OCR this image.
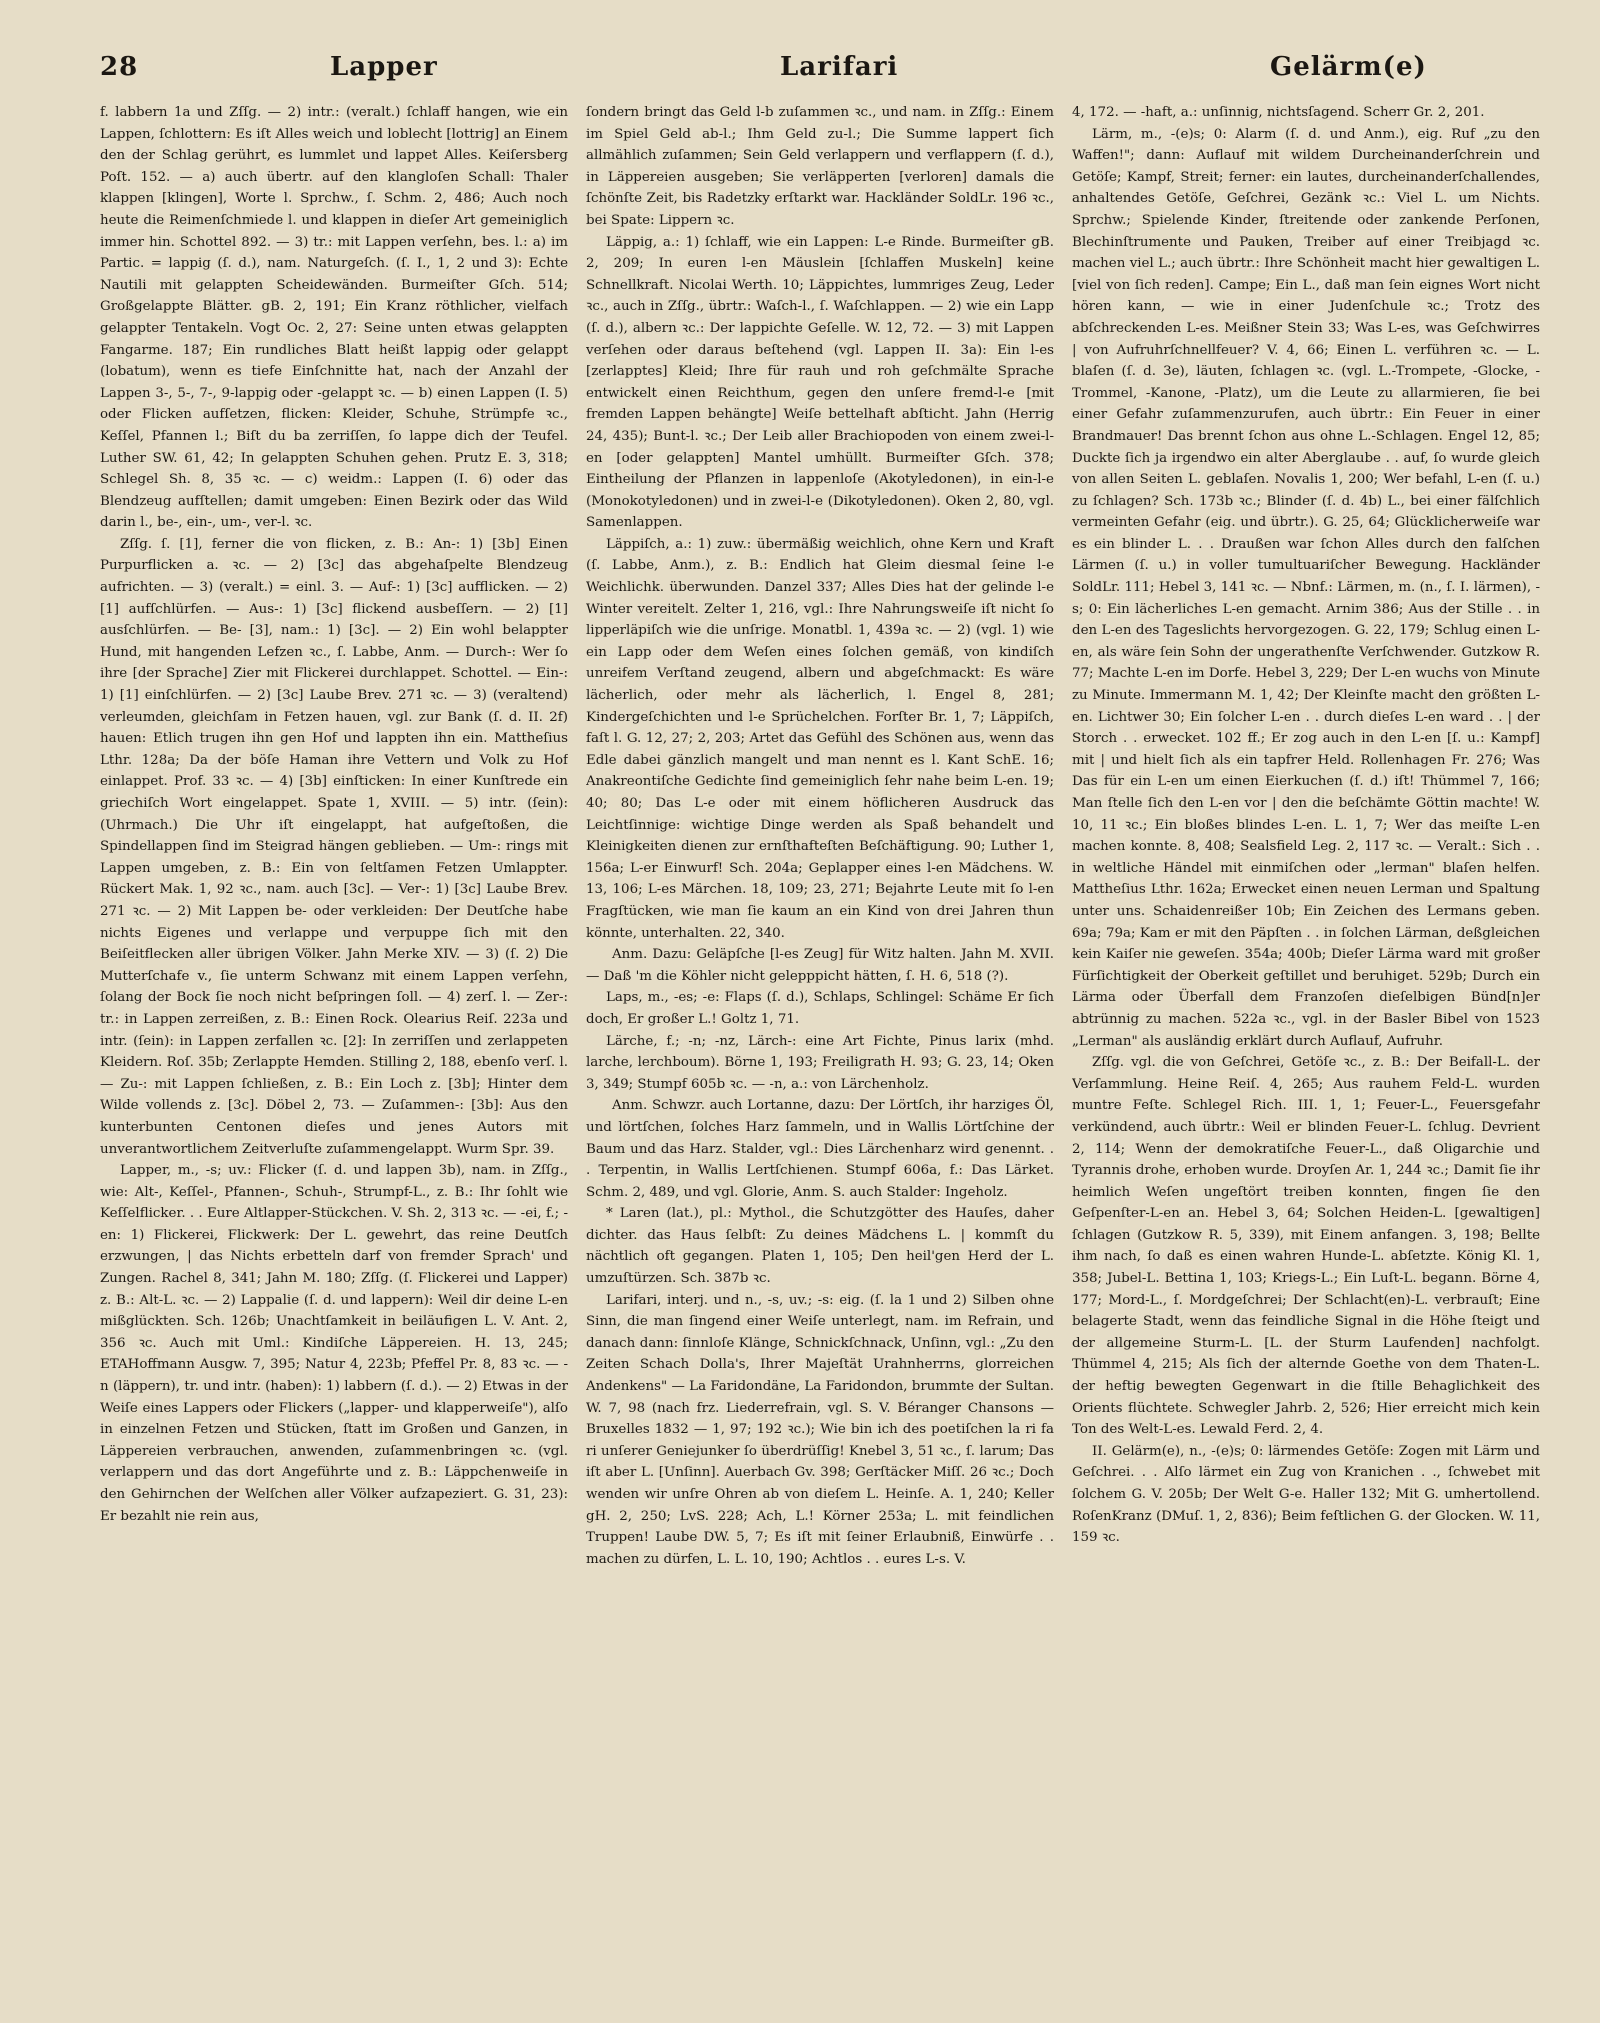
28	Lapper	Larifari	Gelärm(e)

f. labbern 1a und Zſſg. — 2) intr.: (veralt.) ſchlaff hangen, wie ein Lappen, ſchlottern: Es iſt Alles weich und loblecht [lottrig] an Einem den der Schlag gerührt, es lummlet und lappet Alles. Keiſersberg Poſt. 152. — a) auch übertr. auf den klangloſen Schall: Thaler klappen [klingen], Worte l. Sprchw., ſ. Schm. 2, 486; Auch noch heute die Reimenſchmiede l. und klappen in dieſer Art gemeiniglich immer hin. Schottel 892. — 3) tr.: mit Lappen verſehn, bes. l.: a) im Partic. = lappig (ſ. d.), nam. Naturgeſch. (ſ. I., 1, 2 und 3): Echte Nautili mit gelappten Scheidewänden. Burmeiſter Gſch. 514; Großgelappte Blätter. gB. 2, 191; Ein Kranz röthlicher, vielfach gelappter Tentakeln. Vogt Oc. 2, 27: Seine unten etwas gelappten Fangarme. 187; Ein rundliches Blatt heißt lappig oder gelappt (lobatum), wenn es tiefe Einſchnitte hat, nach der Anzahl der Lappen 3-, 5-, 7-, 9-lappig oder -gelappt ꝛc. — b) einen Lappen (I. 5) oder Flicken aufſetzen, flicken: Kleider, Schuhe, Strümpfe ꝛc., Keſſel, Pfannen l.; Biſt du ba zerriſſen, ſo lappe dich der Teufel. Luther SW. 61, 42; In gelappten Schuhen gehen. Prutz E. 3, 318; Schlegel Sh. 8, 35 ꝛc. — c) weidm.: Lappen (I. 6) oder das Blendzeug aufſtellen; damit umgeben: Einen Bezirk oder das Wild darin l., be-, ein-, um-, ver-l. ꝛc.

Zſſg. ſ. [1], ferner die von flicken, z. B.: An-: 1) [3b] Einen Purpurflicken a. ꝛc. — 2) [3c] das abgehaſpelte Blendzeug aufrichten. — 3) (veralt.) = einl. 3. — Auf-: 1) [3c] aufflicken. — 2) [1] aufſchlürfen. — Aus-: 1) [3c] flickend ausbeſſern. — 2) [1] ausſchlürfen. — Be- [3], nam.: 1) [3c]. — 2) Ein wohl belappter Hund, mit hangenden Lefzen ꝛc., ſ. Labbe, Anm. — Durch-: Wer ſo ihre [der Sprache] Zier mit Flickerei durchlappet. Schottel. — Ein-: 1) [1] einſchlürfen. — 2) [3c] Laube Brev. 271 ꝛc. — 3) (veraltend) verleumden, gleichſam in Fetzen hauen, vgl. zur Bank (ſ. d. II. 2f) hauen: Etlich trugen ihn gen Hof und lappten ihn ein. Mattheſius Lthr. 128a; Da der böſe Haman ihre Vettern und Volk zu Hof einlappet. Prof. 33 ꝛc. — 4) [3b] einſticken: In einer Kunſtrede ein griechiſch Wort eingelappet. Spate 1, XVIII. — 5) intr. (ſein): (Uhrmach.) Die Uhr iſt eingelappt, hat aufgeſtoßen, die Spindellappen ſind im Steigrad hängen geblieben. — Um-: rings mit Lappen umgeben, z. B.: Ein von ſeltſamen Fetzen Umlappter. Rückert Mak. 1, 92 ꝛc., nam. auch [3c]. — Ver-: 1) [3c] Laube Brev. 271 ꝛc. — 2) Mit Lappen be- oder verkleiden: Der Deutſche habe nichts Eigenes und verlappe und verpuppe ſich mit den Beiſeitflecken aller übrigen Völker. Jahn Merke XIV. — 3) (ſ. 2) Die Mutterſchafe v., ſie unterm Schwanz mit einem Lappen verſehn, ſolang der Bock ſie noch nicht beſpringen ſoll. — 4) zerſ. l. — Zer-: tr.: in Lappen zerreißen, z. B.: Einen Rock. Olearius Reiſ. 223a und intr. (ſein): in Lappen zerfallen ꝛc. [2]: In zerriſſen und zerlappeten Kleidern. Roſ. 35b; Zerlappte Hemden. Stilling 2, 188, ebenſo verſ. l. — Zu-: mit Lappen ſchließen, z. B.: Ein Loch z. [3b]; Hinter dem Wilde vollends z. [3c]. Döbel 2, 73. — Zuſammen-: [3b]: Aus den kunterbunten Centonen dieſes und jenes Autors mit unverantwortlichem Zeitverluſte zuſammengelappt. Wurm Spr. 39.

Lapper, m., -s; uv.: Flicker (ſ. d. und lappen 3b), nam. in Zſſg., wie: Alt-, Keſſel-, Pfannen-, Schuh-, Strumpf-L., z. B.: Ihr ſohlt wie Keſſelflicker. . . Eure Altlapper-Stückchen. V. Sh. 2, 313 ꝛc. — -ei, f.; -en: 1) Flickerei, Flickwerk: Der L. gewehrt, das reine Deutſch erzwungen, | das Nichts erbetteln darf von fremder Sprach' und Zungen. Rachel 8, 341; Jahn M. 180; Zſſg. (ſ. Flickerei und Lapper) z. B.: Alt-L. ꝛc. — 2) Lappalie (ſ. d. und lappern): Weil dir deine L-en mißglückten. Sch. 126b; Unachtſamkeit in beiläufigen L. V. Ant. 2, 356 ꝛc. Auch mit Uml.: Kindiſche Läppereien. H. 13, 245; ETAHoffmann Ausgw. 7, 395; Natur 4, 223b; Pfeffel Pr. 8, 83 ꝛc. — -n (läppern), tr. und intr. (haben): 1) labbern (ſ. d.). — 2) Etwas in der Weiſe eines Lappers oder Flickers („lapper- und klapperweiſe"), alſo in einzelnen Fetzen und Stücken, ſtatt im Großen und Ganzen, in Läppereien verbrauchen, anwenden, zuſammenbringen ꝛc. (vgl. verlappern und das dort Angeführte und z. B.: Läppchenweiſe in den Gehirnchen der Welſchen aller Völker aufzapeziert. G. 31, 23): Er bezahlt nie rein aus,

ſondern bringt das Geld l-b zuſammen ꝛc., und nam. in Zſſg.: Einem im Spiel Geld ab-l.; Ihm Geld zu-l.; Die Summe lappert ſich allmählich zuſammen; Sein Geld verlappern und verflappern (ſ. d.), in Läppereien ausgeben; Sie verläpperten [verloren] damals die ſchönſte Zeit, bis Radetzky erſtarkt war. Hackländer SoldLr. 196 ꝛc., bei Spate: Lippern ꝛc.

Läppig, a.: 1) ſchlaff, wie ein Lappen: L-e Rinde. Burmeiſter gB. 2, 209; In euren l-en Mäuslein [ſchlaffen Muskeln] keine Schnellkraft. Nicolai Werth. 10; Läppichtes, lummriges Zeug, Leder ꝛc., auch in Zſſg., übrtr.: Waſch-l., ſ. Waſchlappen. — 2) wie ein Lapp (ſ. d.), albern ꝛc.: Der lappichte Geſelle. W. 12, 72. — 3) mit Lappen verſehen oder daraus beſtehend (vgl. Lappen II. 3a): Ein l-es [zerlapptes] Kleid; Ihre für rauh und roh geſchmälte Sprache entwickelt einen Reichthum, gegen den unſere fremd-l-e [mit fremden Lappen behängte] Weiſe bettelhaft abſticht. Jahn (Herrig 24, 435); Bunt-l. ꝛc.; Der Leib aller Brachiopoden von einem zwei-l-en [oder gelappten] Mantel umhüllt. Burmeiſter Gſch. 378; Eintheilung der Pflanzen in lappenloſe (Akotyledonen), in ein-l-e (Monokotyledonen) und in zwei-l-e (Dikotyledonen). Oken 2, 80, vgl. Samenlappen.

Läppiſch, a.: 1) zuw.: übermäßig weichlich, ohne Kern und Kraft (ſ. Labbe, Anm.), z. B.: Endlich hat Gleim diesmal ſeine l-e Weichlichk. überwunden. Danzel 337; Alles Dies hat der gelinde l-e Winter vereitelt. Zelter 1, 216, vgl.: Ihre Nahrungsweiſe iſt nicht ſo lipperläpiſch wie die unſrige. Monatbl. 1, 439a ꝛc. — 2) (vgl. 1) wie ein Lapp oder dem Weſen eines ſolchen gemäß, von kindiſch unreifem Verſtand zeugend, albern und abgeſchmackt: Es wäre lächerlich, oder mehr als lächerlich, l. Engel 8, 281; Kindergeſchichten und l-e Sprüchelchen. Forſter Br. 1, 7; Läppiſch, faſt l. G. 12, 27; 2, 203; Artet das Gefühl des Schönen aus, wenn das Edle dabei gänzlich mangelt und man nennt es l. Kant SchE. 16; Anakreontiſche Gedichte ſind gemeiniglich ſehr nahe beim L-en. 19; 40; 80; Das L-e oder mit einem höflicheren Ausdruck das Leichtſinnige: wichtige Dinge werden als Spaß behandelt und Kleinigkeiten dienen zur ernſthafteſten Beſchäftigung. 90; Luther 1, 156a; L-er Einwurf! Sch. 204a; Geplapper eines l-en Mädchens. W. 13, 106; L-es Märchen. 18, 109; 23, 271; Bejahrte Leute mit ſo l-en Fragſtücken, wie man ſie kaum an ein Kind von drei Jahren thun könnte, unterhalten. 22, 340.

Anm. Dazu: Geläpſche [l-es Zeug] für Witz halten. Jahn M. XVII. — Daß 'm die Köhler nicht gelepppicht hätten, ſ. H. 6, 518 (?).

Laps, m., -es; -e: Flaps (ſ. d.), Schlaps, Schlingel: Schäme Er ſich doch, Er großer L.! Goltz 1, 71.

Lärche, f.; -n; -nz, Lärch-: eine Art Fichte, Pinus larix (mhd. larche, lerchboum). Börne 1, 193; Freiligrath H. 93; G. 23, 14; Oken 3, 349; Stumpf 605b ꝛc. — -n, a.: von Lärchenholz.

Anm. Schwzr. auch Lortanne, dazu: Der Lörtſch, ihr harziges Öl, und lörtſchen, ſolches Harz ſammeln, und in Wallis Lörtſchine der Baum und das Harz. Stalder, vgl.: Dies Lärchenharz wird genennt. . . Terpentin, in Wallis Lertſchienen. Stumpf 606a, f.: Das Lärket. Schm. 2, 489, und vgl. Glorie, Anm. S. auch Stalder: Ingeholz.

* Laren (lat.), pl.: Mythol., die Schutzgötter des Hauſes, daher dichter. das Haus ſelbſt: Zu deines Mädchens L. | kommſt du nächtlich oft gegangen. Platen 1, 105; Den heil'gen Herd der L. umzuſtürzen. Sch. 387b ꝛc.

Larifari, interj. und n., -s, uv.; -s: eig. (ſ. la 1 und 2) Silben ohne Sinn, die man ſingend einer Weiſe unterlegt, nam. im Refrain, und danach dann: ſinnloſe Klänge, Schnickſchnack, Unſinn, vgl.: „Zu den Zeiten Schach Dolla's, Ihrer Majeſtät Urahnherrns, glorreichen Andenkens" — La Faridondäne, La Faridondon, brummte der Sultan. W. 7, 98 (nach frz. Liederrefrain, vgl. S. V. Béranger Chansons — Bruxelles 1832 — 1, 97; 192 ꝛc.); Wie bin ich des poetiſchen la ri fa ri unſerer Geniejunker ſo überdrüſſig! Knebel 3, 51 ꝛc., ſ. larum; Das iſt aber L. [Unſinn]. Auerbach Gv. 398; Gerſtäcker Miſſ. 26 ꝛc.; Doch wenden wir unſre Ohren ab von dieſem L. Heinſe. A. 1, 240; Keller gH. 2, 250; LvS. 228; Ach, L.! Körner 253a; L. mit feindlichen Truppen! Laube DW. 5, 7; Es iſt mit ſeiner Erlaubniß, Einwürfe . . machen zu dürfen, L. L. 10, 190; Achtlos . . eures L-s. V.

4, 172. — -haft, a.: unſinnig, nichtsſagend. Scherr Gr. 2, 201.

Lärm, m., -(e)s; 0: Alarm (ſ. d. und Anm.), eig. Ruf „zu den Waffen!"; dann: Auflauf mit wildem Durcheinanderſchrein und Getöſe; Kampf, Streit; ferner: ein lautes, durcheinanderſchallendes, anhaltendes Getöſe, Geſchrei, Gezänk ꝛc.: Viel L. um Nichts. Sprchw.; Spielende Kinder, ſtreitende oder zankende Perſonen, Blechinſtrumente und Pauken, Treiber auf einer Treibjagd ꝛc. machen viel L.; auch übrtr.: Ihre Schönheit macht hier gewaltigen L. [viel von ſich reden]. Campe; Ein L., daß man ſein eignes Wort nicht hören kann, — wie in einer Judenſchule ꝛc.; Trotz des abſchreckenden L-es. Meißner Stein 33; Was L-es, was Geſchwirres | von Aufruhrſchnellfeuer? V. 4, 66; Einen L. verführen ꝛc. — L. blaſen (ſ. d. 3e), läuten, ſchlagen ꝛc. (vgl. L.-Trompete, -Glocke, -Trommel, -Kanone, -Platz), um die Leute zu allarmieren, ſie bei einer Gefahr zuſammenzurufen, auch übrtr.: Ein Feuer in einer Brandmauer! Das brennt ſchon aus ohne L.-Schlagen. Engel 12, 85; Duckte ſich ja irgendwo ein alter Aberglaube . . auf, ſo wurde gleich von allen Seiten L. geblaſen. Novalis 1, 200; Wer befahl, L-en (ſ. u.) zu ſchlagen? Sch. 173b ꝛc.; Blinder (ſ. d. 4b) L., bei einer fälſchlich vermeinten Gefahr (eig. und übrtr.). G. 25, 64; Glücklicherweiſe war es ein blinder L. . . Draußen war ſchon Alles durch den falſchen Lärmen (ſ. u.) in voller tumultuariſcher Bewegung. Hackländer SoldLr. 111; Hebel 3, 141 ꝛc. — Nbnf.: Lärmen, m. (n., ſ. I. lärmen), -s; 0: Ein lächerliches L-en gemacht. Arnim 386; Aus der Stille . . in den L-en des Tageslichts hervorgezogen. G. 22, 179; Schlug einen L-en, als wäre ſein Sohn der ungerathenſte Verſchwender. Gutzkow R. 77; Machte L-en im Dorfe. Hebel 3, 229; Der L-en wuchs von Minute zu Minute. Immermann M. 1, 42; Der Kleinſte macht den größten L-en. Lichtwer 30; Ein ſolcher L-en . . durch dieſes L-en ward . . | der Storch . . erwecket. 102 ff.; Er zog auch in den L-en [ſ. u.: Kampf] mit | und hielt ſich als ein tapfrer Held. Rollenhagen Fr. 276; Was Das für ein L-en um einen Eierkuchen (ſ. d.) iſt! Thümmel 7, 166; Man ſtelle ſich den L-en vor | den die beſchämte Göttin machte! W. 10, 11 ꝛc.; Ein bloßes blindes L-en. L. 1, 7; Wer das meiſte L-en machen konnte. 8, 408; Sealsfield Leg. 2, 117 ꝛc. — Veralt.: Sich . . in weltliche Händel mit einmiſchen oder „lerman" blaſen helfen. Mattheſius Lthr. 162a; Erwecket einen neuen Lerman und Spaltung unter uns. Schaidenreißer 10b; Ein Zeichen des Lermans geben. 69a; 79a; Kam er mit den Päpſten . . in ſolchen Lärman, deßgleichen kein Kaiſer nie geweſen. 354a; 400b; Dieſer Lärma ward mit großer Fürſichtigkeit der Oberkeit geſtillet und beruhiget. 529b; Durch ein Lärma oder Überfall dem Franzoſen dieſelbigen Bünd[n]er abtrünnig zu machen. 522a ꝛc., vgl. in der Basler Bibel von 1523 „Lerman" als ausländig erklärt durch Auflauf, Aufruhr.

Zſſg. vgl. die von Geſchrei, Getöſe ꝛc., z. B.: Der Beifall-L. der Verſammlung. Heine Reiſ. 4, 265; Aus rauhem Feld-L. wurden muntre Feſte. Schlegel Rich. III. 1, 1; Feuer-L., Feuersgefahr verkündend, auch übrtr.: Weil er blinden Feuer-L. ſchlug. Devrient 2, 114; Wenn der demokratiſche Feuer-L., daß Oligarchie und Tyrannis drohe, erhoben wurde. Droyſen Ar. 1, 244 ꝛc.; Damit ſie ihr heimlich Weſen ungeſtört treiben konnten, fingen ſie den Geſpenſter-L-en an. Hebel 3, 64; Solchen Heiden-L. [gewaltigen] ſchlagen (Gutzkow R. 5, 339), mit Einem anfangen. 3, 198; Bellte ihm nach, ſo daß es einen wahren Hunde-L. abſetzte. König Kl. 1, 358; Jubel-L. Bettina 1, 103; Kriegs-L.; Ein Luſt-L. begann. Börne 4, 177; Mord-L., ſ. Mordgeſchrei; Der Schlacht(en)-L. verbrauſt; Eine belagerte Stadt, wenn das feindliche Signal in die Höhe ſteigt und der allgemeine Sturm-L. [L. der Sturm Laufenden] nachfolgt. Thümmel 4, 215; Als ſich der alternde Goethe von dem Thaten-L. der heftig bewegten Gegenwart in die ſtille Behaglichkeit des Orients flüchtete. Schwegler Jahrb. 2, 526; Hier erreicht mich kein Ton des Welt-L-es. Lewald Ferd. 2, 4.

II. Gelärm(e), n., -(e)s; 0: lärmendes Getöſe: Zogen mit Lärm und Geſchrei. . . Alſo lärmet ein Zug von Kranichen . ., ſchwebet mit ſolchem G. V. 205b; Der Welt G-e. Haller 132; Mit G. umhertollend. RoſenKranz (DMuſ. 1, 2, 836); Beim feſtlichen G. der Glocken. W. 11, 159 ꝛc.
